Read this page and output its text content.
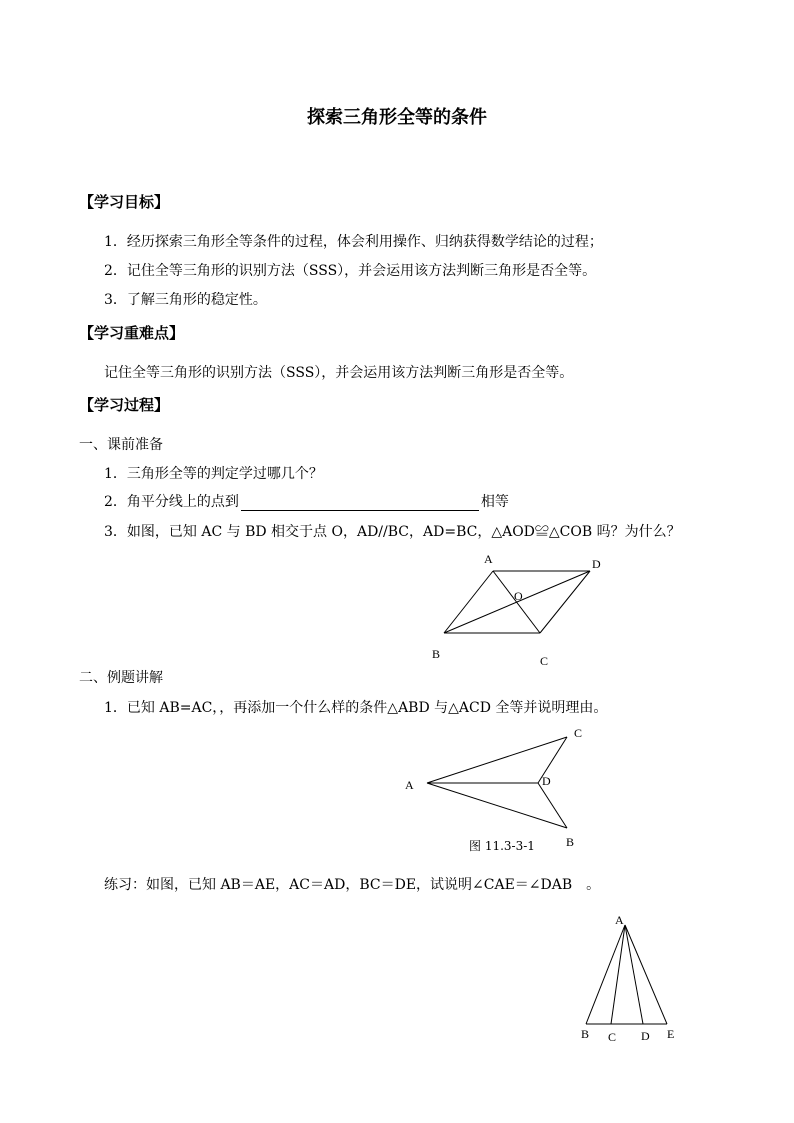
探索三角形全等的条件
【学习目标】
1．经历探索三角形全等条件的过程，体会利用操作、归纳获得数学结论的过程；
2．记住全等三角形的识别方法（SSS），并会运用该方法判断三角形是否全等。
3．了解三角形的稳定性。
【学习重难点】
记住全等三角形的识别方法（SSS），并会运用该方法判断三角形是否全等。
【学习过程】
一、课前准备
1．三角形全等的判定学过哪几个？
2．角平分线上的点到	相等
3．如图，已知 AC 与 BD 相交于点 O，AD//BC，AD=BC，△AOD≌△COB 吗？为什么？
A	D
O
B	C
二、例题讲解
1．已知 AB=AC，，再添加一个什么样的条件△ABD 与△ACD 全等并说明理由。
A
C
D
B
图 11.3-3-1
练习：如图，已知 AB＝AE，AC＝AD，BC＝DE，试说明∠CAE＝∠DAB　。
A
B C D E
